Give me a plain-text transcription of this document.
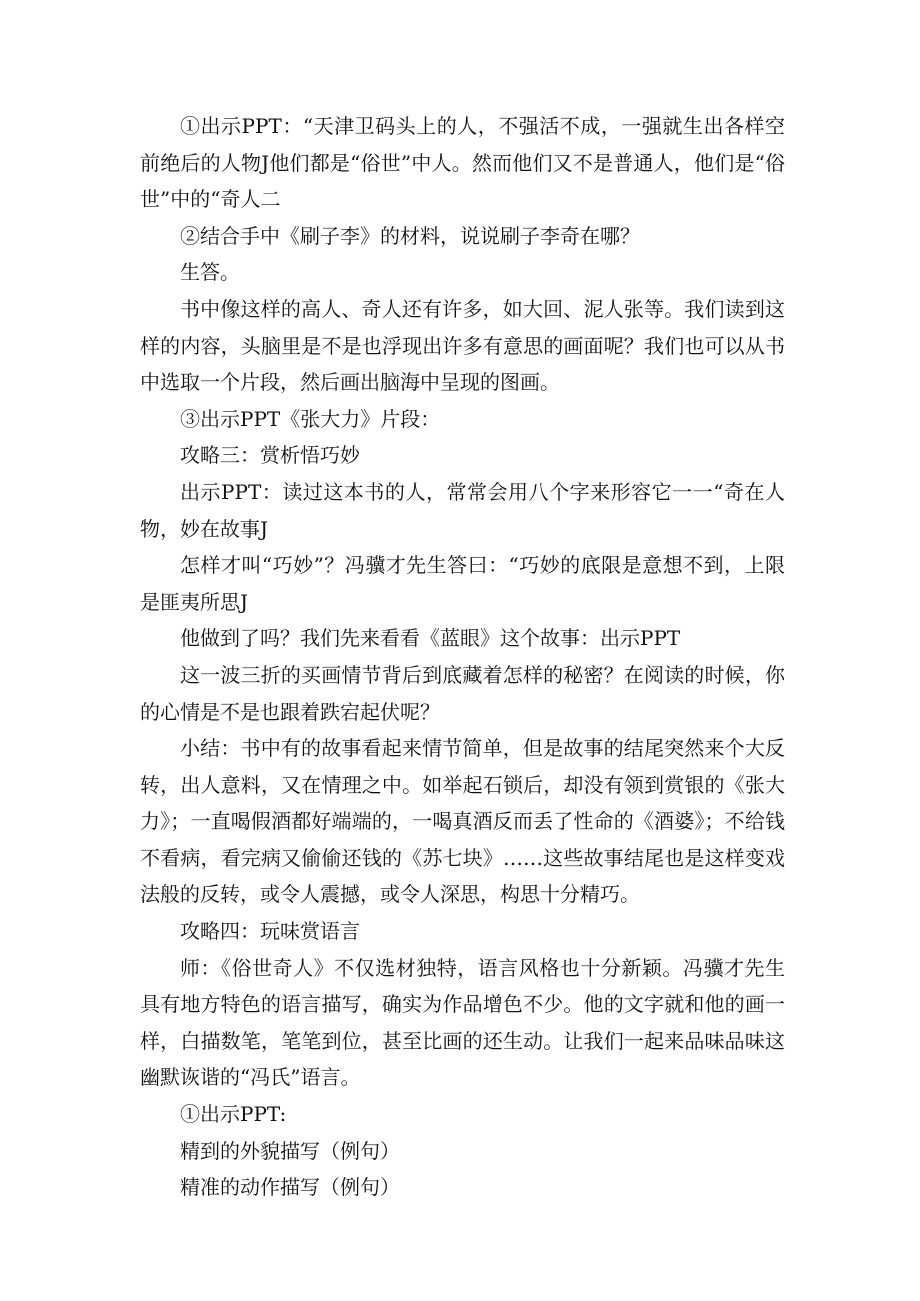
①出示PPT：“天津卫码头上的人，不强活不成，一强就生出各样空前绝后的人物J他们都是“俗世”中人。然而他们又不是普通人，他们是“俗世”中的“奇人二

②结合手中《刷子李》的材料，说说刷子李奇在哪？

生答。

书中像这样的高人、奇人还有许多，如大回、泥人张等。我们读到这样的内容，头脑里是不是也浮现出许多有意思的画面呢？我们也可以从书中选取一个片段，然后画出脑海中呈现的图画。

③出示PPT《张大力》片段：

攻略三：赏析悟巧妙

出示PPT：读过这本书的人，常常会用八个字来形容它一一“奇在人物，妙在故事J

怎样才叫“巧妙”？冯骥才先生答曰：“巧妙的底限是意想不到，上限是匪夷所思J

他做到了吗？我们先来看看《蓝眼》这个故事：出示PPT

这一波三折的买画情节背后到底藏着怎样的秘密？在阅读的时候，你的心情是不是也跟着跌宕起伏呢？

小结：书中有的故事看起来情节简单，但是故事的结尾突然来个大反转，出人意料，又在情理之中。如举起石锁后，却没有领到赏银的《张大力》；一直喝假酒都好端端的，一喝真酒反而丢了性命的《酒婆》；不给钱不看病，看完病又偷偷还钱的《苏七块》……这些故事结尾也是这样变戏法般的反转，或令人震撼，或令人深思，构思十分精巧。

攻略四：玩味赏语言

师：《俗世奇人》不仅选材独特，语言风格也十分新颖。冯骥才先生具有地方特色的语言描写，确实为作品增色不少。他的文字就和他的画一样，白描数笔，笔笔到位，甚至比画的还生动。让我们一起来品味品味这幽默诙谐的“冯氏”语言。

①出示PPT:

精到的外貌描写（例句）

精准的动作描写（例句）
